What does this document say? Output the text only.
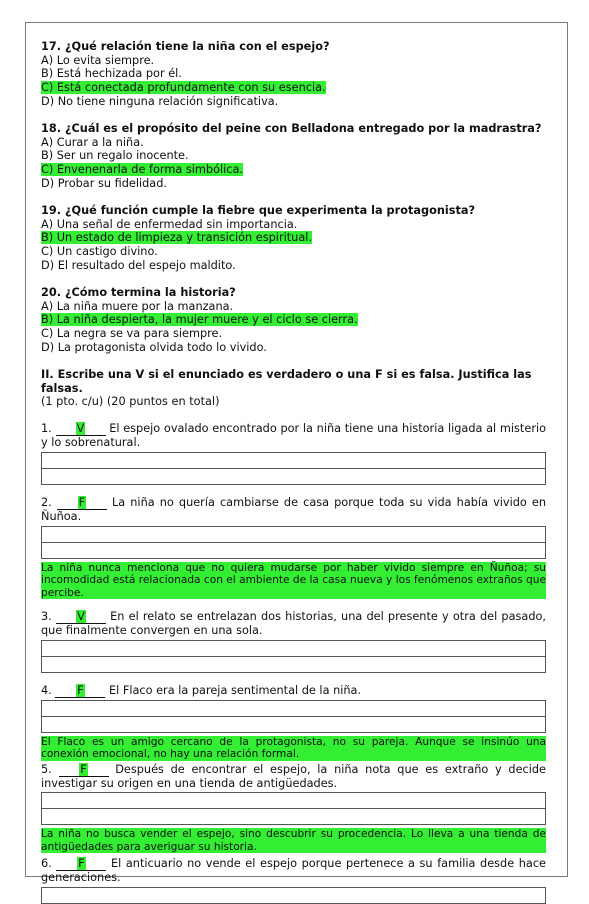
17. ¿Qué relación tiene la niña con el espejo?
A) Lo evita siempre.
B) Está hechizada por él.
C) Está conectada profundamente con su esencia.
D) No tiene ninguna relación significativa.
18. ¿Cuál es el propósito del peine con Belladona entregado por la madrastra?
A) Curar a la niña.
B) Ser un regalo inocente.
C) Envenenarla de forma simbólica.
D) Probar su fidelidad.
19. ¿Qué función cumple la fiebre que experimenta la protagonista?
A) Una señal de enfermedad sin importancia.
B) Un estado de limpieza y transición espiritual.
C) Un castigo divino.
D) El resultado del espejo maldito.
20. ¿Cómo termina la historia?
A) La niña muere por la manzana.
B) La niña despierta, la mujer muere y el ciclo se cierra.
C) La negra se va para siempre.
D) La protagonista olvida todo lo vivido.
II. Escribe una V si el enunciado es verdadero o una F si es falsa. Justifica las falsas.
(1 pto. c/u) (20 puntos en total)
1. V El espejo ovalado encontrado por la niña tiene una historia ligada al misterio y lo sobrenatural.
2. F La niña no quería cambiarse de casa porque toda su vida había vivido en Ñuñoa.
La niña nunca menciona que no quiera mudarse por haber vivido siempre en Ñuñoa; su incomodidad está relacionada con el ambiente de la casa nueva y los fenómenos extraños que percibe.
3. V En el relato se entrelazan dos historias, una del presente y otra del pasado, que finalmente convergen en una sola.
4. F El Flaco era la pareja sentimental de la niña.
El Flaco es un amigo cercano de la protagonista, no su pareja. Aunque se insinúo una conexión emocional, no hay una relación formal.
5.	F	Después de encontrar el espejo, la niña nota que es extraño y decide investigar su origen en una tienda de antigüedades.
La niña no busca vender el espejo, sino descubrir su procedencia. Lo lleva a una tienda de antigüedades para averiguar su historia.
6. F El anticuario no vende el espejo porque pertenece a su familia desde hace generaciones.
